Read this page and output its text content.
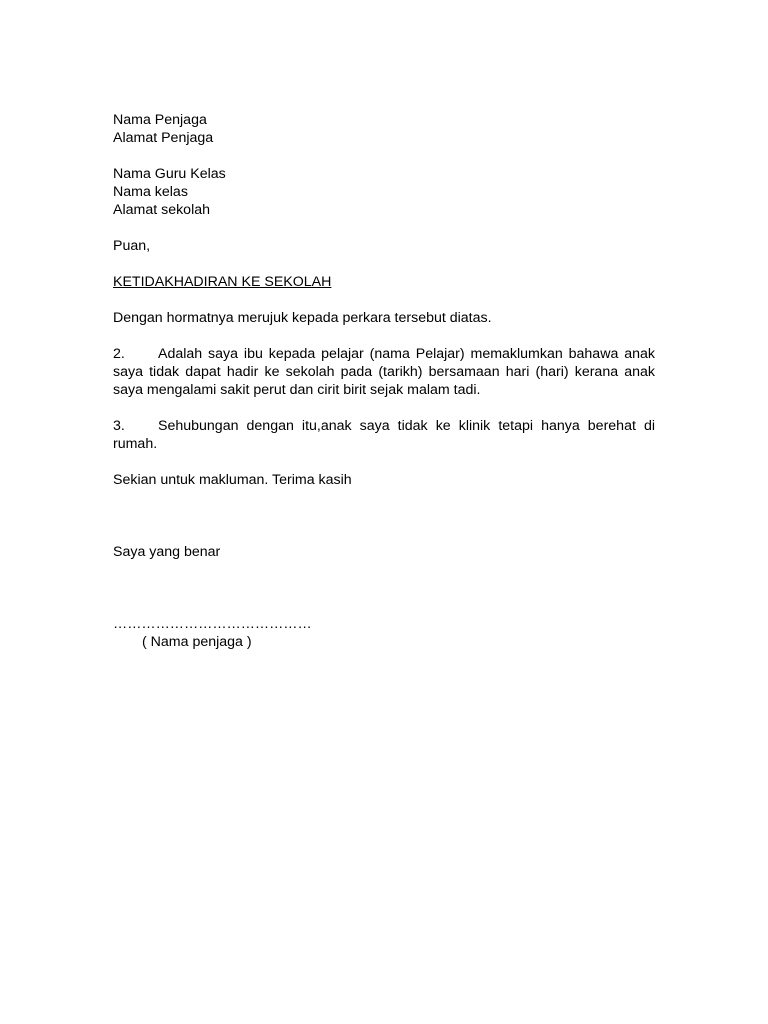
Nama Penjaga
Alamat Penjaga
Nama Guru Kelas
Nama kelas
Alamat sekolah
Puan,
KETIDAKHADIRAN KE SEKOLAH
Dengan hormatnya merujuk kepada perkara tersebut diatas.
2. Adalah saya ibu kepada pelajar (nama Pelajar) memaklumkan bahawa anak saya tidak dapat hadir ke sekolah pada (tarikh) bersamaan hari (hari) kerana anak saya mengalami sakit perut dan cirit birit sejak malam tadi.
3. Sehubungan dengan itu,anak saya tidak ke klinik tetapi hanya berehat di rumah.
Sekian untuk makluman. Terima kasih
Saya yang benar
……………………………………
( Nama penjaga )
